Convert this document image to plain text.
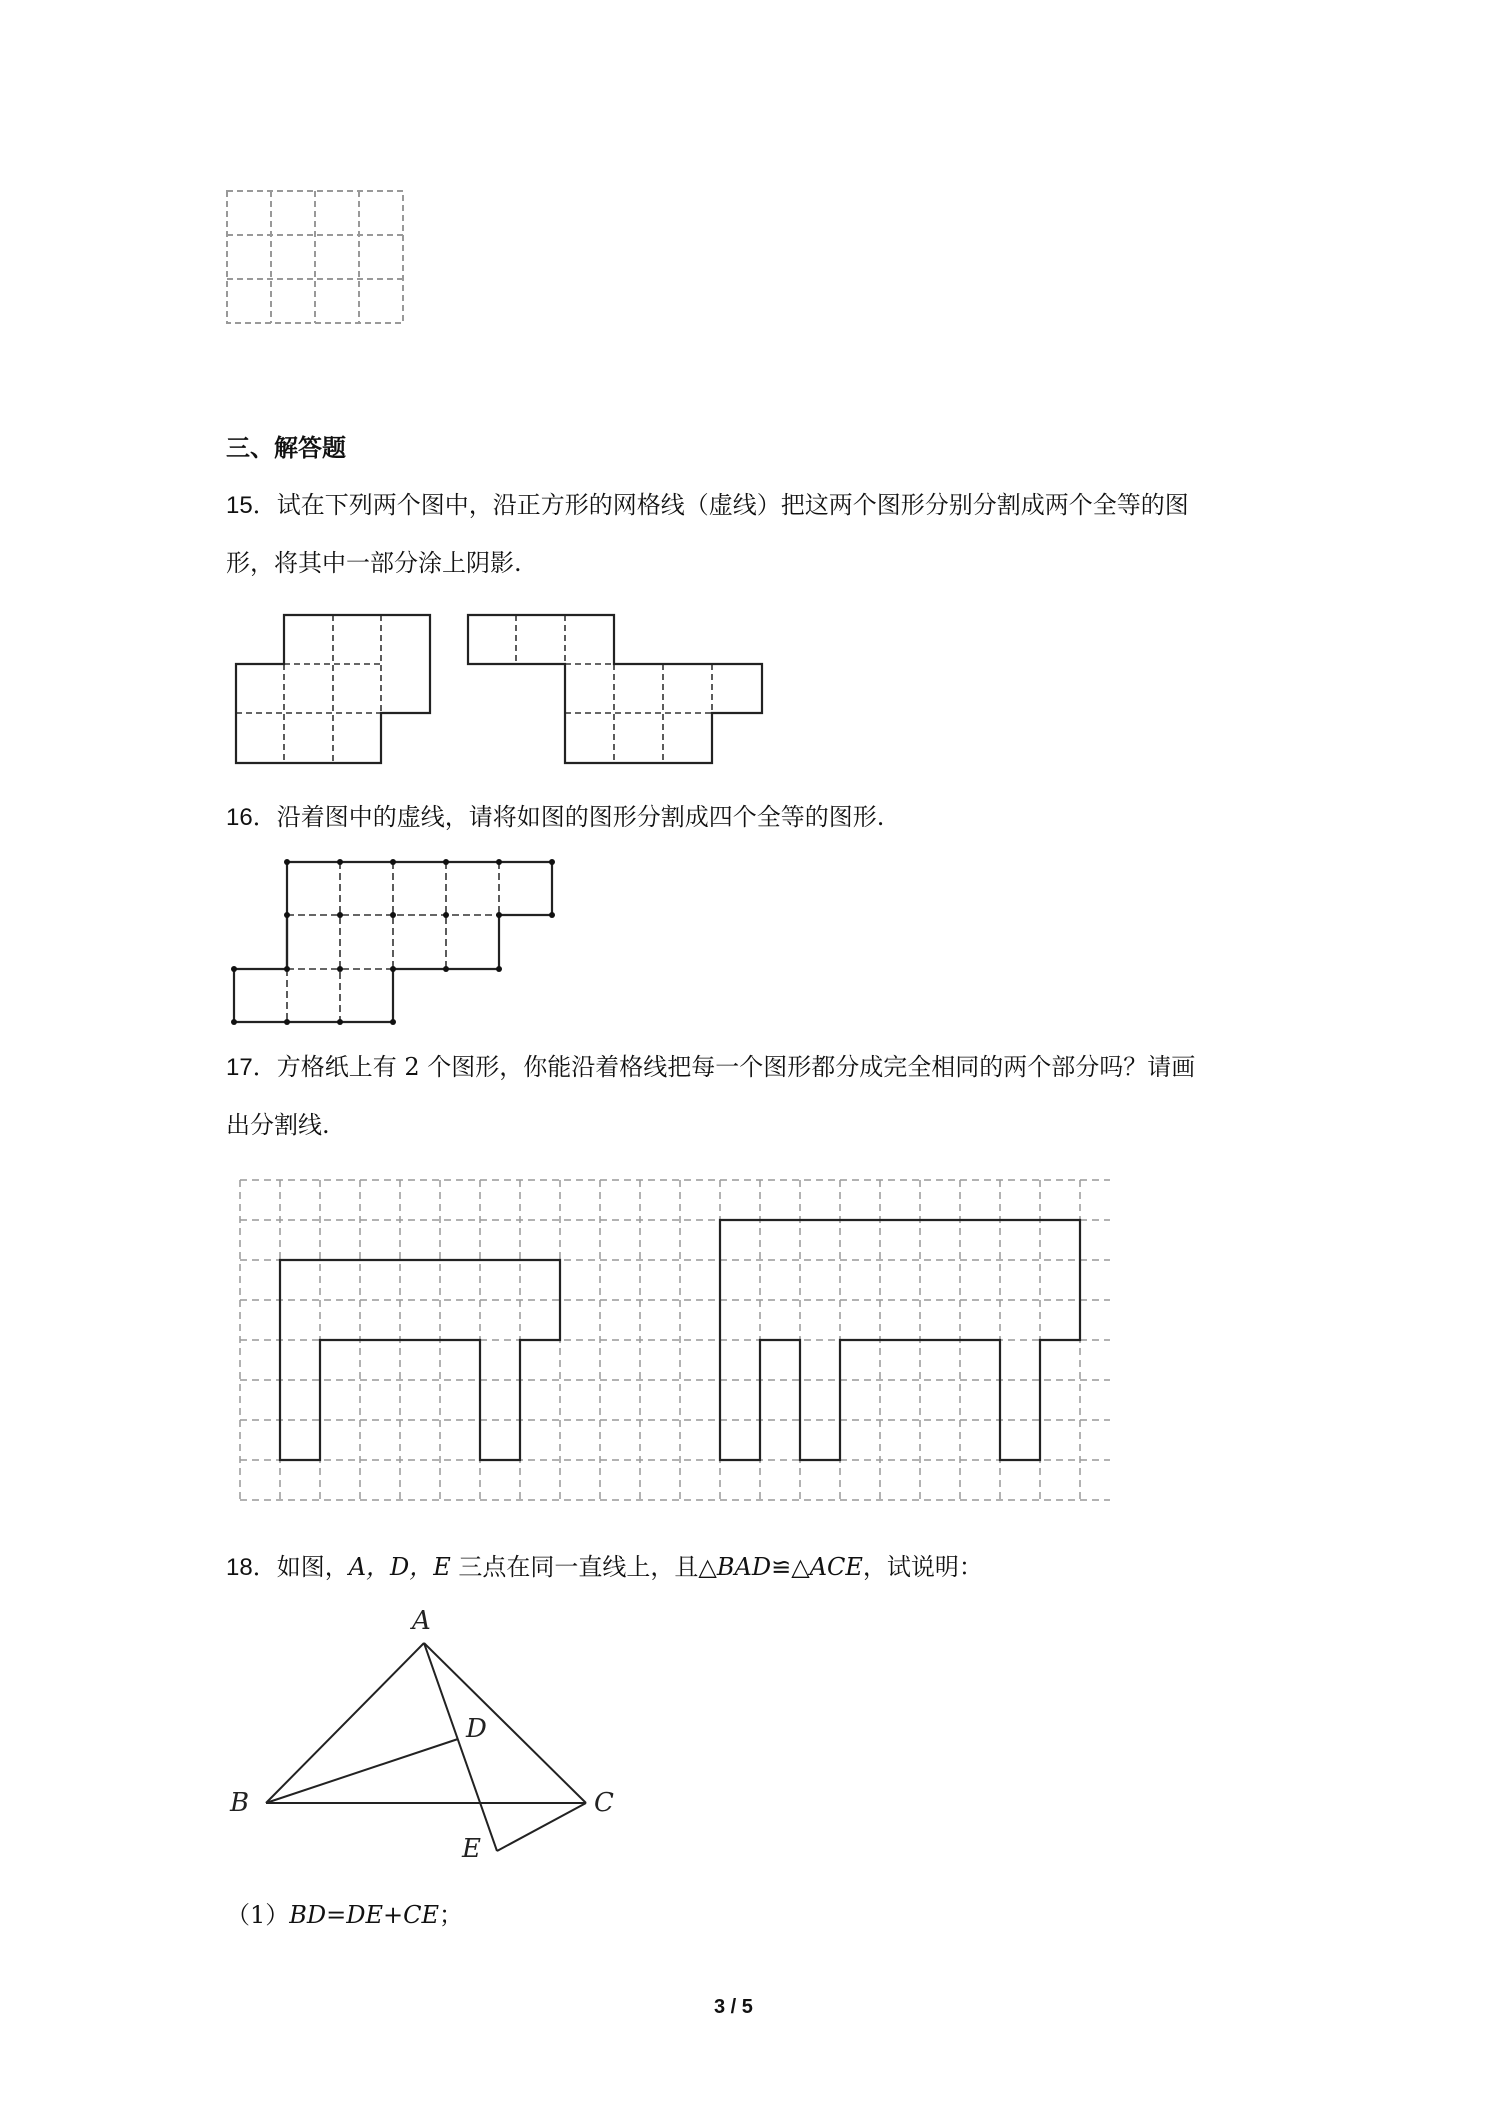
三、解答题
15．试在下列两个图中，沿正方形的网格线（虚线）把这两个图形分别分割成两个全等的图
形，将其中一部分涂上阴影.
16．沿着图中的虚线，请将如图的图形分割成四个全等的图形.
17．方格纸上有 2 个图形，你能沿着格线把每一个图形都分成完全相同的两个部分吗？请画
出分割线.
18．如图，A，D，E 三点在同一直线上，且△BAD≌△ACE，试说明：
A
B	C
D
E
（1）BD=DE+CE；
3 / 5
